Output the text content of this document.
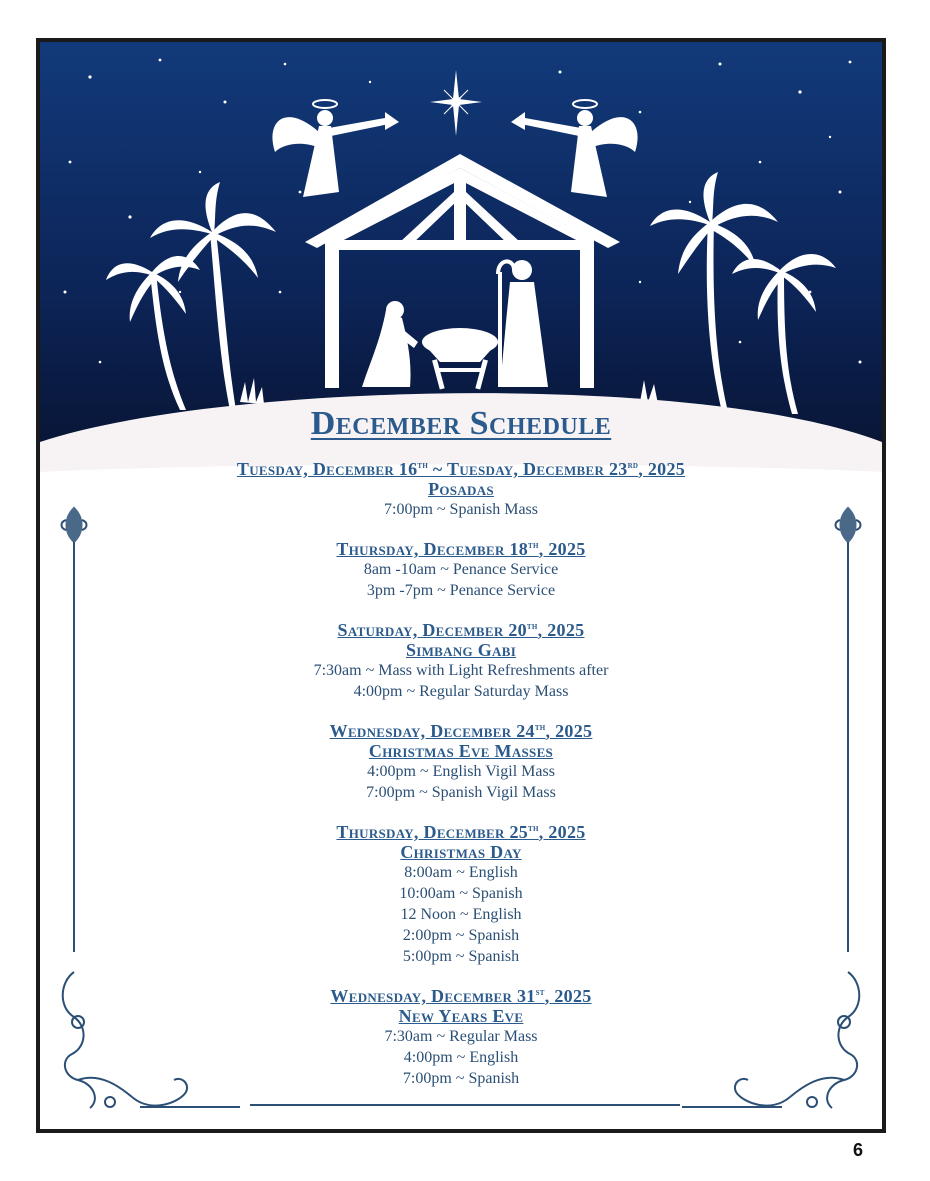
December Schedule
Tuesday, December 16th ~ Tuesday, December 23rd, 2025
Posadas
7:00pm ~ Spanish Mass
Thursday, December 18th, 2025
8am -10am ~ Penance Service
3pm -7pm ~ Penance Service
Saturday, December 20th, 2025
Simbang Gabi
7:30am ~ Mass with Light Refreshments after
4:00pm ~ Regular Saturday Mass
Wednesday, December 24th, 2025
Christmas Eve Masses
4:00pm ~ English Vigil Mass
7:00pm ~ Spanish Vigil Mass
Thursday, December 25th, 2025
Christmas Day
8:00am ~ English
10:00am ~ Spanish
12 Noon ~ English
2:00pm ~ Spanish
5:00pm ~ Spanish
Wednesday, December 31st, 2025
New Years Eve
7:30am ~ Regular Mass
4:00pm ~ English
7:00pm ~ Spanish
6
